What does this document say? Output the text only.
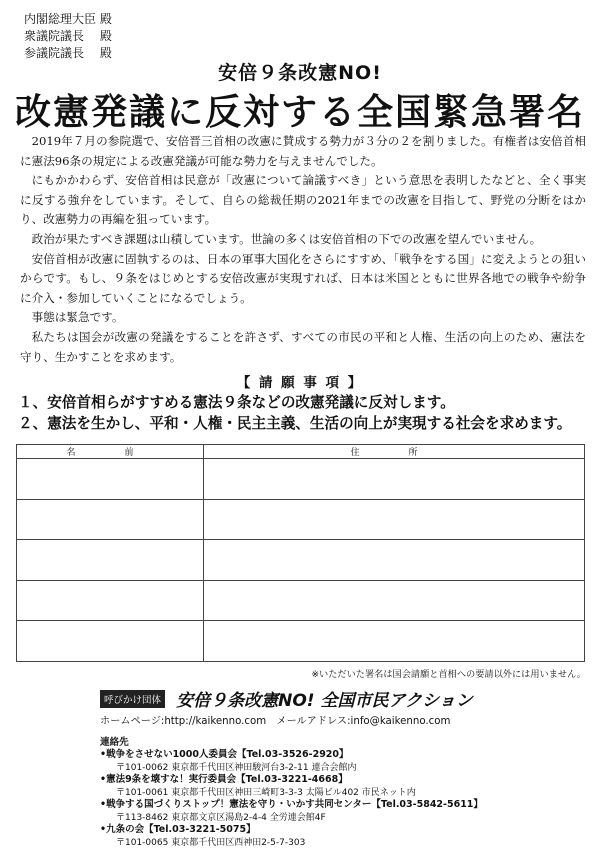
内閣総理大臣 殿
衆議院議長　 殿
参議院議長　 殿
安倍９条改憲NO!
改憲発議に反対する全国緊急署名

2019年７月の参院選で、安倍晋三首相の改憲に賛成する勢力が３分の２を割りました。有権者は安倍首相に憲法96条の規定による改憲発議が可能な勢力を与えませんでした。

にもかかわらず、安倍首相は民意が「改憲について論議すべき」という意思を表明したなどと、全く事実に反する強弁をしています。そして、自らの総裁任期の2021年までの改憲を目指して、野党の分断をはかり、改憲勢力の再編を狙っています。

政治が果たすべき課題は山積しています。世論の多くは安倍首相の下での改憲を望んでいません。

安倍首相が改憲に固執するのは、日本の軍事大国化をさらにすすめ、「戦争をする国」に変えようとの狙いからです。もし、９条をはじめとする安倍改憲が実現すれば、日本は米国とともに世界各地での戦争や紛争に介入・参加していくことになるでしょう。

事態は緊急です。

私たちは国会が改憲の発議をすることを許さず、すべての市民の平和と人権、生活の向上のため、憲法を守り、生かすことを求めます。

【 請 願 事 項 】
１、安倍首相らがすすめる憲法９条などの改憲発議に反対します。
２、憲法を生かし、平和・人権・民主主義、生活の向上が実現する社会を求めます。
名　前	住　所

※いただいた署名は国会請願と首相への要請以外には用いません。
呼びかけ団体 安倍９条改憲NO! 全国市民アクション
ホームページ:http://kaikenno.com　メールアドレス:info@kaikenno.com
連絡先
•戦争をさせない1000人委員会【Tel.03-3526-2920】
〒101-0062 東京都千代田区神田駿河台3-2-11 連合会館内
•憲法9条を壊すな！実行委員会【Tel.03-3221-4668】
〒101-0061 東京都千代田区神田三崎町3-3-3 太陽ビル402 市民ネット内
•戦争する国づくりストップ！憲法を守り・いかす共同センター【Tel.03-5842-5611】
〒113-8462 東京都文京区湯島2-4-4 全労連会館4F
•九条の会【Tel.03-3221-5075】
〒101-0065 東京都千代田区西神田2-5-7-303
